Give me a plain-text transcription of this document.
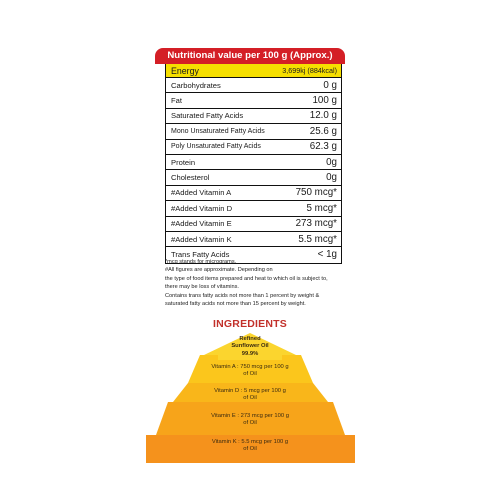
Nutritional value per 100 g (Approx.)
Energy	3,699kj (884kcal)
Carbohydrates	0 g
Fat	100 g
Saturated Fatty Acids	12.0 g
Mono Unsaturated Fatty Acids	25.6 g
Poly Unsaturated Fatty Acids	62.3 g
Protein	0g
Cholesterol	0g
#Added Vitamin A	750 mcg*
#Added Vitamin D	5 mcg*
#Added Vitamin E	273 mcg*
#Added Vitamin K	5.5 mcg*
Trans Fatty Acids	< 1g
*mcg stands for micrograms.
#All figures are approximate. Depending on
the type of food items prepared and heat to which oil is subject to,
there may be loss of vitamins.
Contains trans fatty acids not more than 1 percent by weight &
saturated fatty acids not more than 15 percent by weight.
INGREDIENTS
Refined
Sunflower Oil
99.9%
Vitamin A : 750 mcg per 100 g
of Oil
Vitamin D : 5 mcg per 100 g
of Oil
Vitamin E : 273 mcg per 100 g
of Oil
Vitamin K : 5.5 mcg per 100 g
of Oil
